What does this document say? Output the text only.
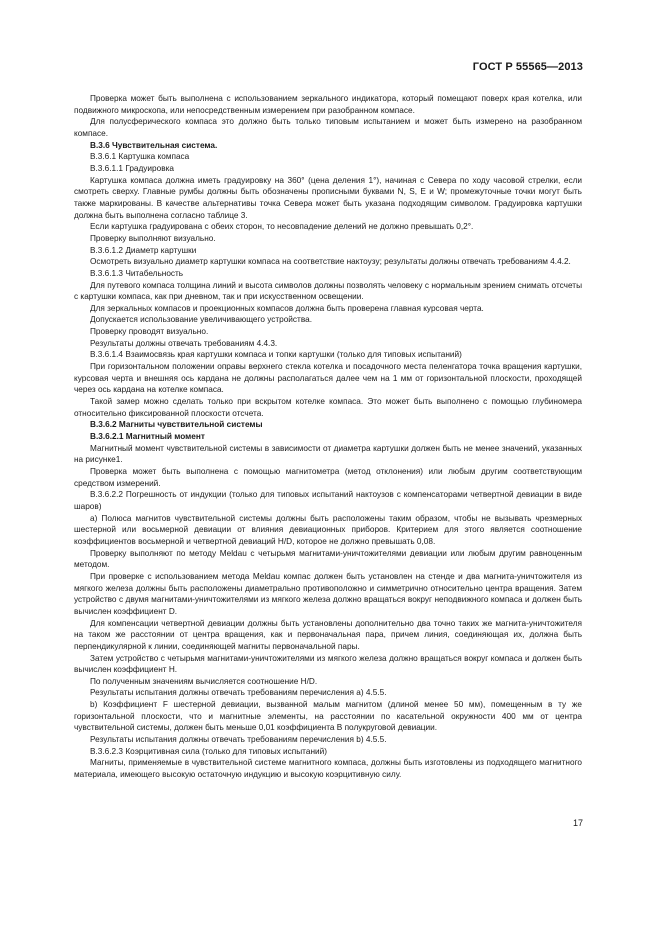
ГОСТ Р 55565—2013

Проверка может быть выполнена с использованием зеркального индикатора, который помещают поверх края котелка, или подвижного микроскопа, или непосредственным измерением при разобранном компасе.

Для полусферического компаса это должно быть только типовым испытанием и может быть измерено на разобранном компасе.

B.3.6 Чувствительная система.

B.3.6.1 Картушка компаса

B.3.6.1.1 Градуировка

Картушка компаса должна иметь градуировку на 360° (цена деления 1°), начиная с Севера по ходу часовой стрелки, если смотреть сверху. Главные румбы должны быть обозначены прописными буквами N, S, E и W; промежуточные точки могут быть также маркированы. В качестве альтернативы точка Севера может быть указана подходящим символом. Градуировка картушки должна быть выполнена согласно таблице 3.

Если картушка градуирована с обеих сторон, то несовпадение делений не должно превышать 0,2°.

Проверку выполняют визуально.

B.3.6.1.2 Диаметр картушки

Осмотреть визуально диаметр картушки компаса на соответствие нактоузу; результаты должны отвечать требованиям 4.4.2.

B.3.6.1.3 Читабельность

Для путевого компаса толщина линий и высота символов должны позволять человеку с нормальным зрением снимать отсчеты с картушки компаса, как при дневном, так и при искусственном освещении.

Для зеркальных компасов и проекционных компасов должна быть проверена главная курсовая черта.

Допускается использование увеличивающего устройства.

Проверку проводят визуально.

Результаты должны отвечать требованиям 4.4.3.

B.3.6.1.4 Взаимосвязь края картушки компаса и топки картушки (только для типовых испытаний)

При горизонтальном положении оправы верхнего стекла котелка и посадочного места пеленгатора точка вращения картушки, курсовая черта и внешняя ось кардана не должны располагаться далее чем на 1 мм от горизонтальной плоскости, проходящей через ось кардана на котелке компаса.

Такой замер можно сделать только при вскрытом котелке компаса. Это может быть выполнено с помощью глубиномера относительно фиксированной плоскости отсчета.

B.3.6.2 Магниты чувствительной системы

B.3.6.2.1 Магнитный момент

Магнитный момент чувствительной системы в зависимости от диаметра картушки должен быть не менее значений, указанных на рисунке1.

Проверка может быть выполнена с помощью магнитометра (метод отклонения) или любым другим соответствующим средством измерений.

B.3.6.2.2 Погрешность от индукции (только для типовых испытаний нактоузов с компенсаторами четвертной девиации в виде шаров)

a) Полюса магнитов чувствительной системы должны быть расположены таким образом, чтобы не вызывать чрезмерных шестерной или восьмерной девиации от влияния девиационных приборов. Критерием для этого является соотношение коэффициентов восьмерной и четвертной девиаций H/D, которое не должно превышать 0,08.

Проверку выполняют по методу Meldau с четырьмя магнитами-уничтожителями девиации или любым другим равноценным методом.

При проверке с использованием метода Meldau компас должен быть установлен на стенде и два магнита-уничтожителя из мягкого железа должны быть расположены диаметрально противоположно и симметрично относительно центра вращения. Затем устройство с двумя магнитами-уничтожителями из мягкого железа должно вращаться вокруг неподвижного компаса и должен быть вычислен коэффициент D.

Для компенсации четвертной девиации должны быть установлены дополнительно два точно таких же магнита-уничтожителя на таком же расстоянии от центра вращения, как и первоначальная пара, причем линия, соединяющая их, должна быть перпендикулярной к линии, соединяющей магниты первоначальной пары.

Затем устройство с четырьмя магнитами-уничтожителями из мягкого железа должно вращаться вокруг компаса и должен быть вычислен коэффициент H.

По полученным значениям вычисляется соотношение H/D.

Результаты испытания должны отвечать требованиям перечисления a) 4.5.5.

b) Коэффициент F шестерной девиации, вызванной малым магнитом (длиной менее 50 мм), помещенным в ту же горизонтальной плоскости, что и магнитные элементы, на расстоянии по касательной окружности 400 мм от центра чувствительной системы, должен быть меньше 0,01 коэффициента B полукруговой девиации.

Результаты испытания должны отвечать требованиям перечисления b) 4.5.5.

B.3.6.2.3 Коэрцитивная сила (только для типовых испытаний)

Магниты, применяемые в чувствительной системе магнитного компаса, должны быть изготовлены из подходящего магнитного материала, имеющего высокую остаточную индукцию и высокую коэрцитивную силу.

17
